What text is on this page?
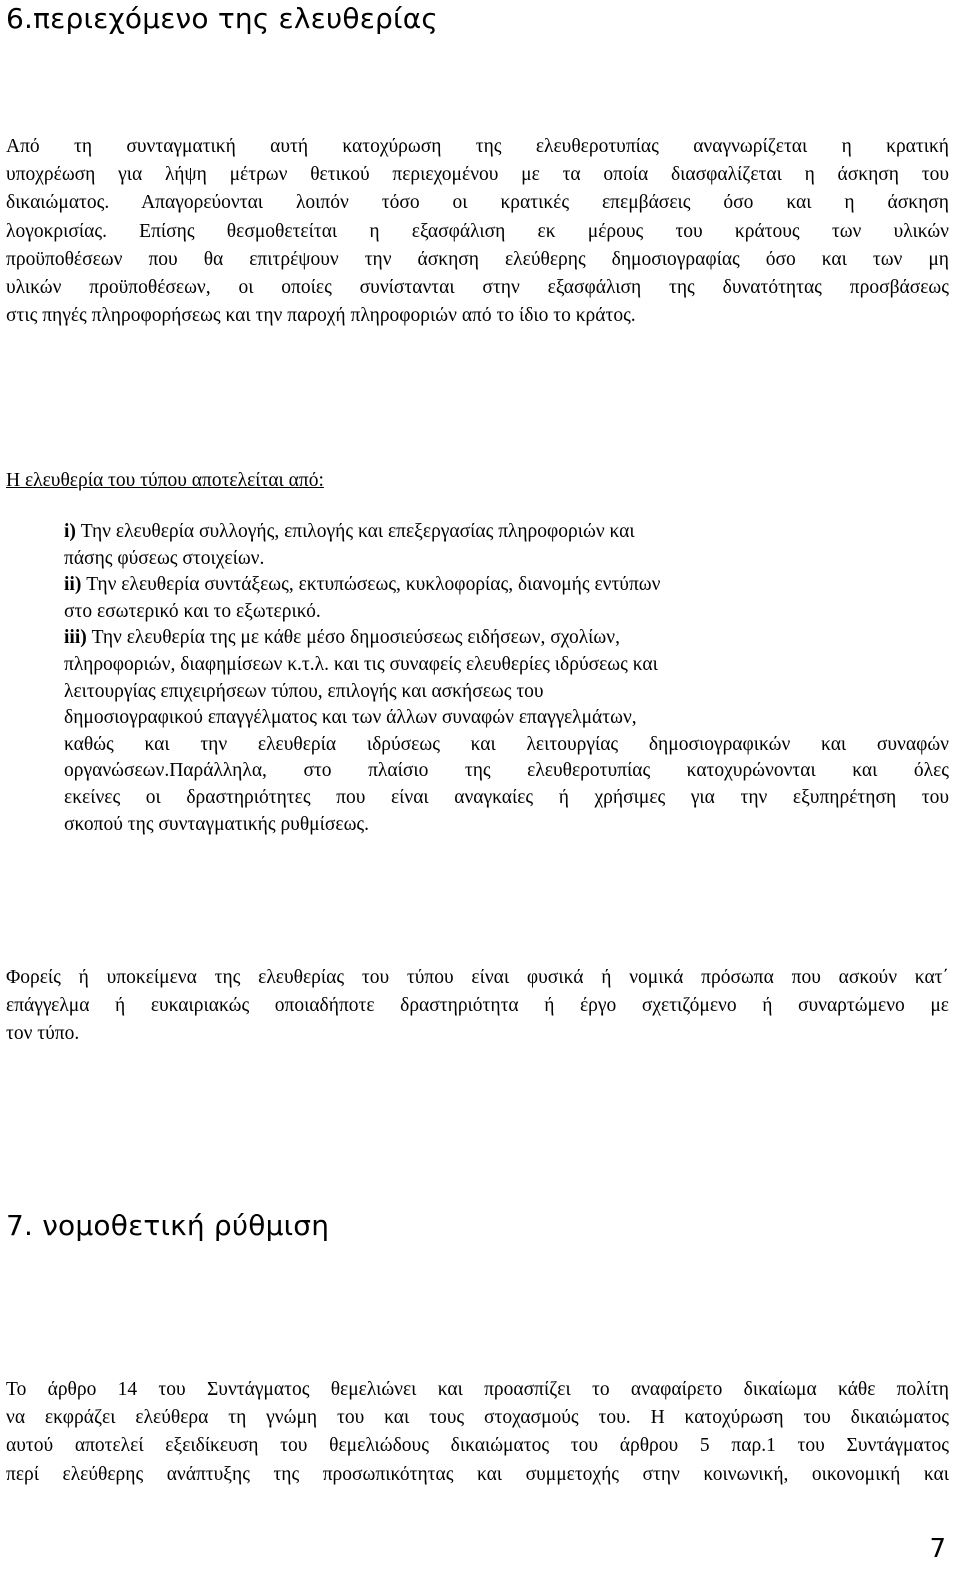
6.περιεχόμενο της ελευθερίας
Από τη συνταγματική αυτή κατοχύρωση της ελευθεροτυπίας αναγνωρίζεται η κρατική
υποχρέωση για λήψη μέτρων θετικού περιεχομένου με τα οποία διασφαλίζεται η άσκηση του
δικαιώματος. Απαγορεύονται λοιπόν τόσο οι κρατικές επεμβάσεις όσο και η άσκηση
λογοκρισίας. Επίσης θεσμοθετείται η εξασφάλιση εκ μέρους του κράτους των υλικών
προϋποθέσεων που θα επιτρέψουν την άσκηση ελεύθερης δημοσιογραφίας όσο και των μη
υλικών προϋποθέσεων, οι οποίες συνίστανται στην εξασφάλιση της δυνατότητας προσβάσεως
στις πηγές πληροφορήσεως και την παροχή πληροφοριών από το ίδιο το κράτος.
Η ελευθερία του τύπου αποτελείται από:
i) Την ελευθερία συλλογής, επιλογής και επεξεργασίας πληροφοριών και
πάσης φύσεως στοιχείων.
ii) Την ελευθερία συντάξεως, εκτυπώσεως, κυκλοφορίας, διανομής εντύπων
στο εσωτερικό και το εξωτερικό.
iii) Την ελευθερία της με κάθε μέσο δημοσιεύσεως ειδήσεων, σχολίων,
πληροφοριών, διαφημίσεων κ.τ.λ. και τις συναφείς ελευθερίες ιδρύσεως και
λειτουργίας επιχειρήσεων τύπου, επιλογής και ασκήσεως του
δημοσιογραφικού επαγγέλματος και των άλλων συναφών επαγγελμάτων,
καθώς και την ελευθερία ιδρύσεως και λειτουργίας δημοσιογραφικών και συναφών
οργανώσεων.Παράλληλα, στο πλαίσιο της ελευθεροτυπίας κατοχυρώνονται και όλες
εκείνες οι δραστηριότητες που είναι αναγκαίες ή χρήσιμες για την εξυπηρέτηση του
σκοπού της συνταγματικής ρυθμίσεως.
Φορείς ή υποκείμενα της ελευθερίας του τύπου είναι φυσικά ή νομικά πρόσωπα που ασκούν κατ΄
επάγγελμα ή ευκαιριακώς οποιαδήποτε δραστηριότητα ή έργο σχετιζόμενο ή συναρτώμενο με
τον τύπο.
7. νομοθετική ρύθμιση
Το άρθρο 14 του Συντάγματος θεμελιώνει και προασπίζει το αναφαίρετο δικαίωμα κάθε πολίτη
να εκφράζει ελεύθερα τη γνώμη του και τους στοχασμούς του. Η κατοχύρωση του δικαιώματος
αυτού αποτελεί εξειδίκευση του θεμελιώδους δικαιώματος του άρθρου 5 παρ.1 του Συντάγματος
περί ελεύθερης ανάπτυξης της προσωπικότητας και συμμετοχής στην κοινωνική, οικονομική και
7
